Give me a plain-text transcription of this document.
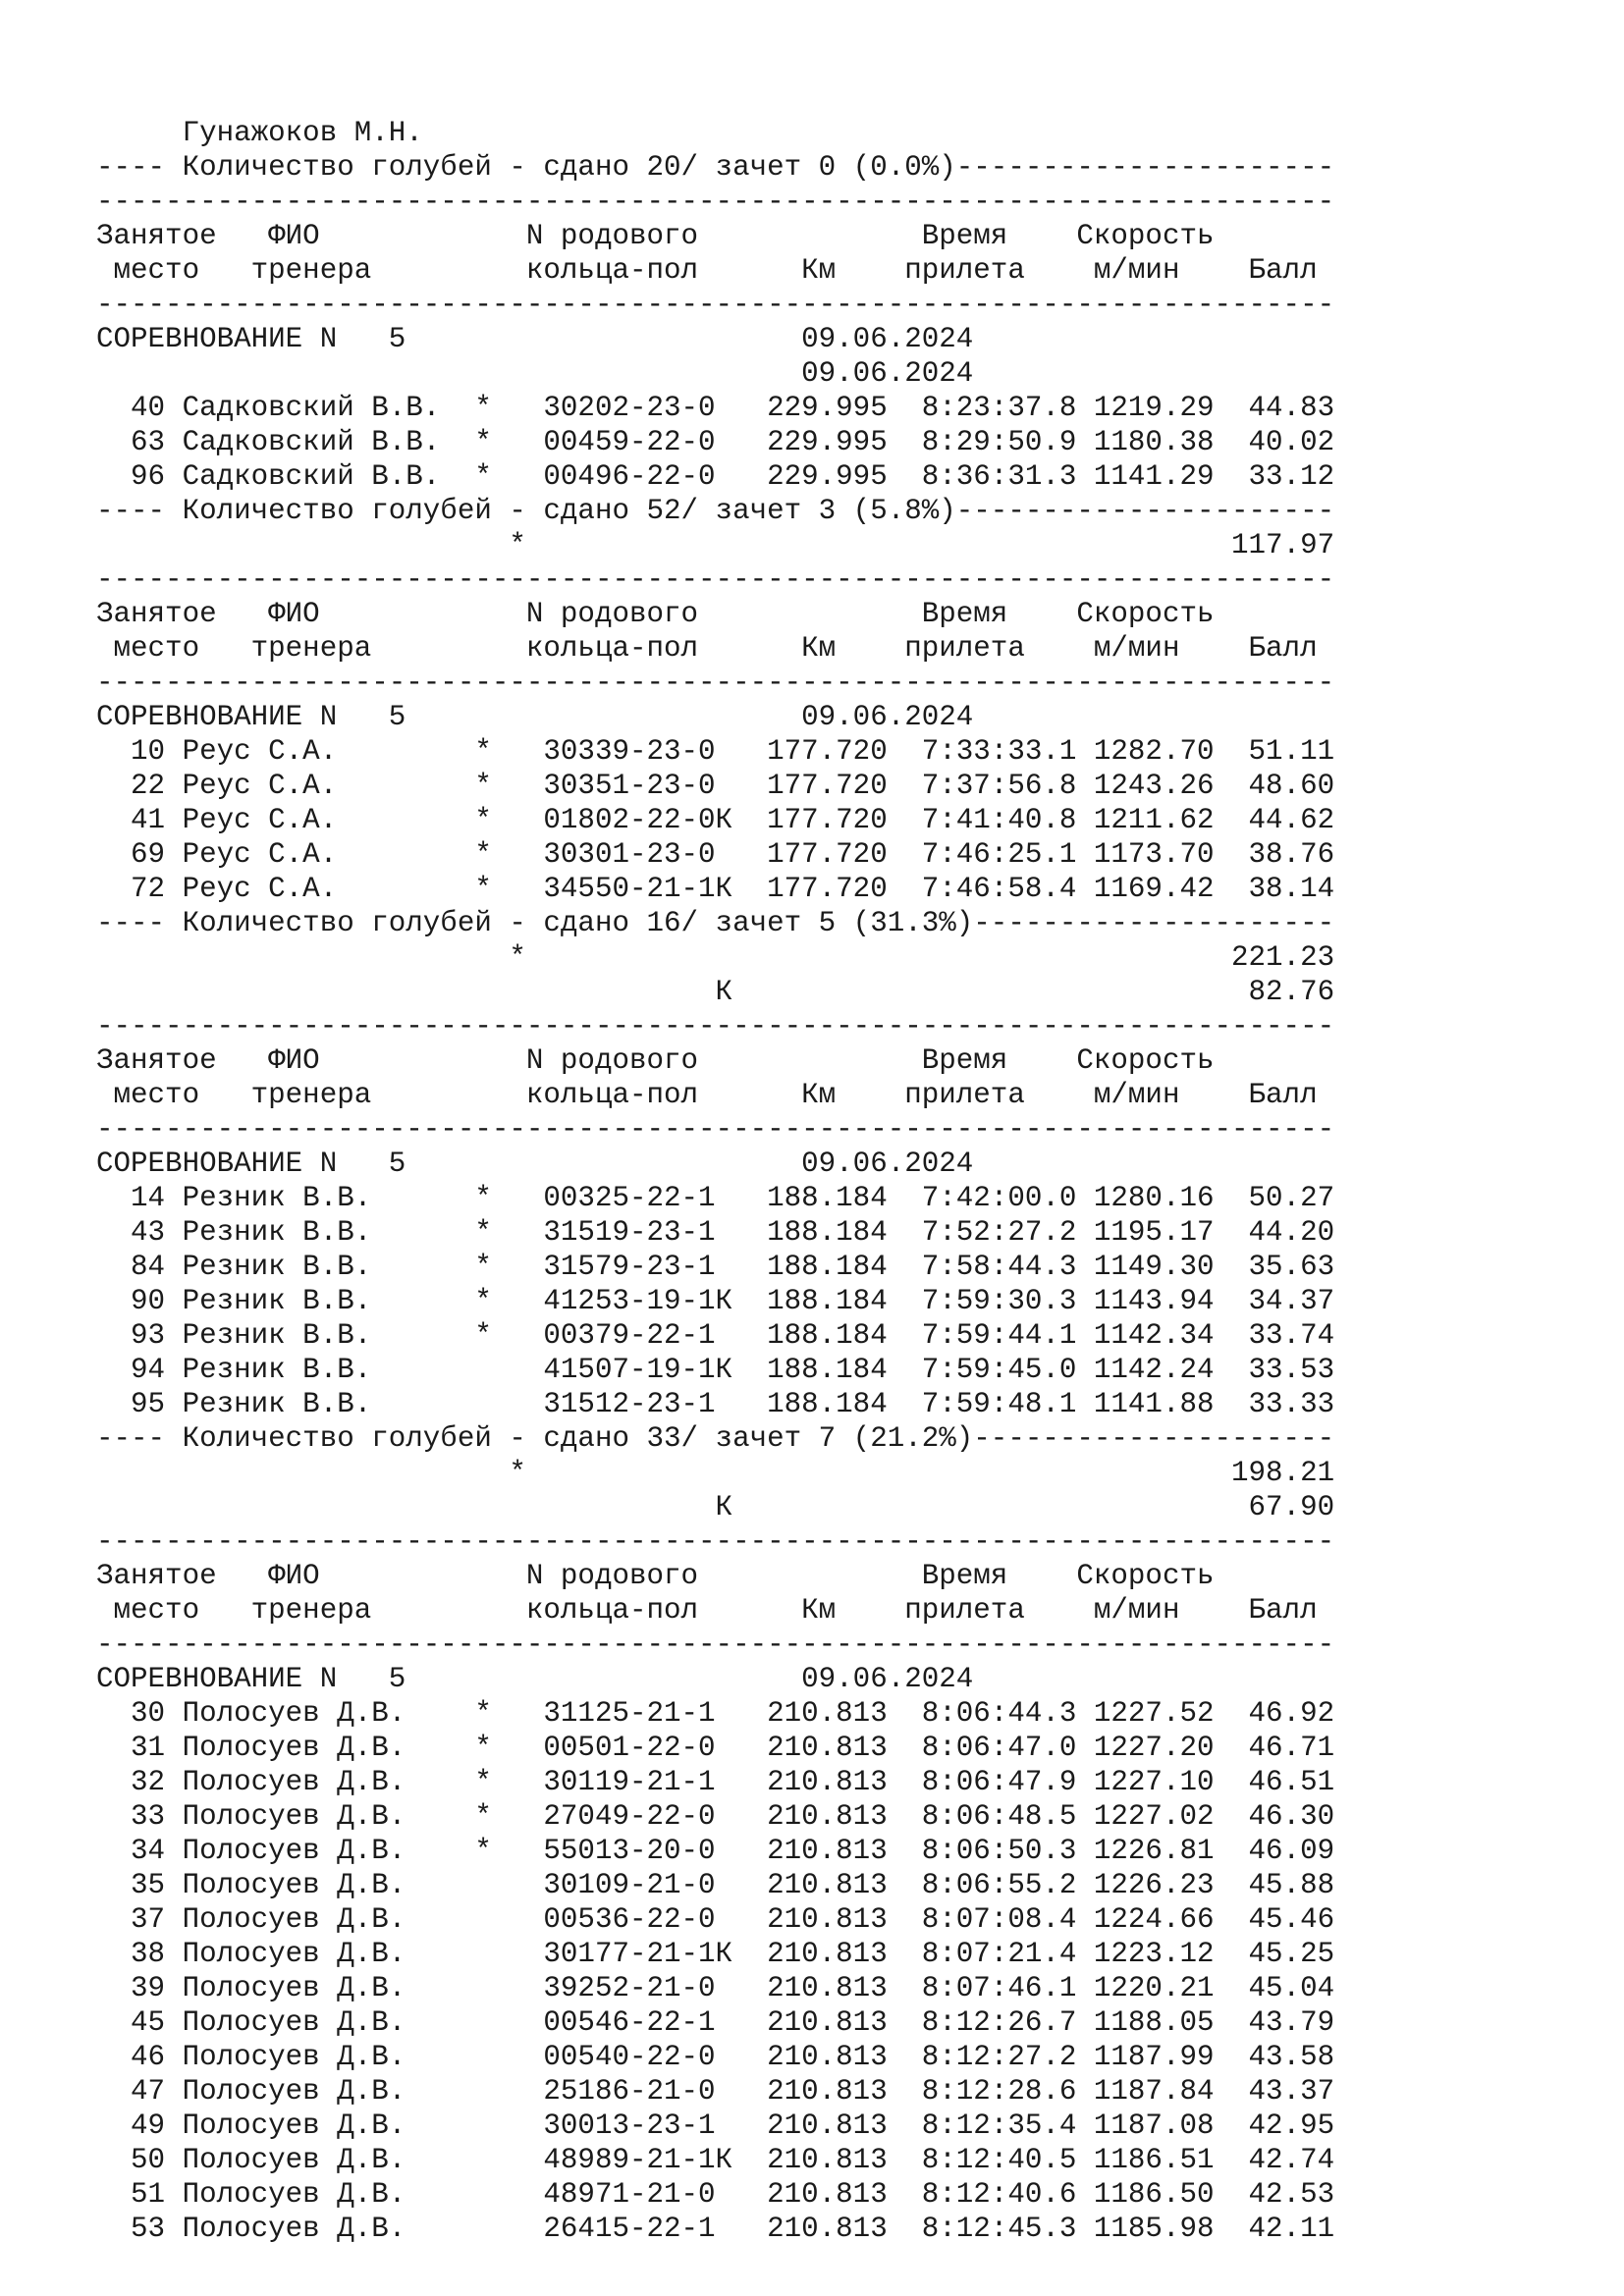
Гунажоков М.Н.
---- Количество голубей - сдано 20/ зачет 0 (0.0%)----------------------
------------------------------------------------------------------------
Занятое   ФИО            N родового             Время    Скорость
место   тренера         кольца-пол      Км    прилета    м/мин    Балл
------------------------------------------------------------------------
СОРЕВНОВАНИЕ N   5                       09.06.2024
09.06.2024
40 Садковский В.В.  *   30202-23-0   229.995  8:23:37.8 1219.29  44.83
63 Садковский В.В.  *   00459-22-0   229.995  8:29:50.9 1180.38  40.02
96 Садковский В.В.  *   00496-22-0   229.995  8:36:31.3 1141.29  33.12
---- Количество голубей - сдано 52/ зачет 3 (5.8%)----------------------
*                                         117.97
------------------------------------------------------------------------
Занятое   ФИО            N родового             Время    Скорость
место   тренера         кольца-пол      Км    прилета    м/мин    Балл
------------------------------------------------------------------------
СОРЕВНОВАНИЕ N   5                       09.06.2024
10 Реус С.А.        *   30339-23-0   177.720  7:33:33.1 1282.70  51.11
22 Реус С.А.        *   30351-23-0   177.720  7:37:56.8 1243.26  48.60
41 Реус С.А.        *   01802-22-0К  177.720  7:41:40.8 1211.62  44.62
69 Реус С.А.        *   30301-23-0   177.720  7:46:25.1 1173.70  38.76
72 Реус С.А.        *   34550-21-1К  177.720  7:46:58.4 1169.42  38.14
---- Количество голубей - сдано 16/ зачет 5 (31.3%)---------------------
*                                         221.23
К                              82.76
------------------------------------------------------------------------
Занятое   ФИО            N родового             Время    Скорость
место   тренера         кольца-пол      Км    прилета    м/мин    Балл
------------------------------------------------------------------------
СОРЕВНОВАНИЕ N   5                       09.06.2024
14 Резник В.В.      *   00325-22-1   188.184  7:42:00.0 1280.16  50.27
43 Резник В.В.      *   31519-23-1   188.184  7:52:27.2 1195.17  44.20
84 Резник В.В.      *   31579-23-1   188.184  7:58:44.3 1149.30  35.63
90 Резник В.В.      *   41253-19-1К  188.184  7:59:30.3 1143.94  34.37
93 Резник В.В.      *   00379-22-1   188.184  7:59:44.1 1142.34  33.74
94 Резник В.В.          41507-19-1К  188.184  7:59:45.0 1142.24  33.53
95 Резник В.В.          31512-23-1   188.184  7:59:48.1 1141.88  33.33
---- Количество голубей - сдано 33/ зачет 7 (21.2%)---------------------
*                                         198.21
К                              67.90
------------------------------------------------------------------------
Занятое   ФИО            N родового             Время    Скорость
место   тренера         кольца-пол      Км    прилета    м/мин    Балл
------------------------------------------------------------------------
СОРЕВНОВАНИЕ N   5                       09.06.2024
30 Полосуев Д.В.    *   31125-21-1   210.813  8:06:44.3 1227.52  46.92
31 Полосуев Д.В.    *   00501-22-0   210.813  8:06:47.0 1227.20  46.71
32 Полосуев Д.В.    *   30119-21-1   210.813  8:06:47.9 1227.10  46.51
33 Полосуев Д.В.    *   27049-22-0   210.813  8:06:48.5 1227.02  46.30
34 Полосуев Д.В.    *   55013-20-0   210.813  8:06:50.3 1226.81  46.09
35 Полосуев Д.В.        30109-21-0   210.813  8:06:55.2 1226.23  45.88
37 Полосуев Д.В.        00536-22-0   210.813  8:07:08.4 1224.66  45.46
38 Полосуев Д.В.        30177-21-1К  210.813  8:07:21.4 1223.12  45.25
39 Полосуев Д.В.        39252-21-0   210.813  8:07:46.1 1220.21  45.04
45 Полосуев Д.В.        00546-22-1   210.813  8:12:26.7 1188.05  43.79
46 Полосуев Д.В.        00540-22-0   210.813  8:12:27.2 1187.99  43.58
47 Полосуев Д.В.        25186-21-0   210.813  8:12:28.6 1187.84  43.37
49 Полосуев Д.В.        30013-23-1   210.813  8:12:35.4 1187.08  42.95
50 Полосуев Д.В.        48989-21-1К  210.813  8:12:40.5 1186.51  42.74
51 Полосуев Д.В.        48971-21-0   210.813  8:12:40.6 1186.50  42.53
53 Полосуев Д.В.        26415-22-1   210.813  8:12:45.3 1185.98  42.11
